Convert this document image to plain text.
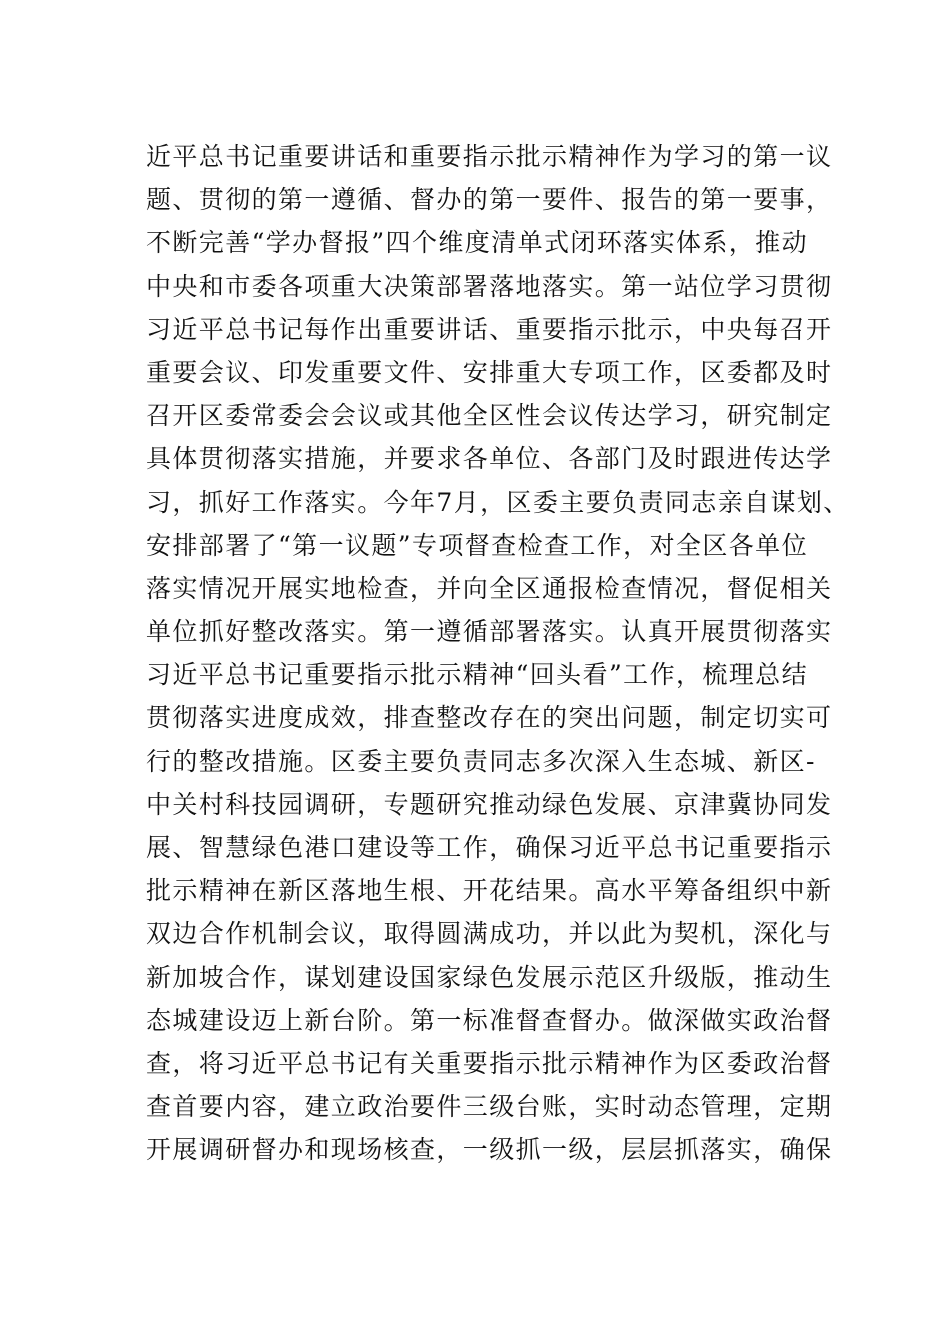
近平总书记重要讲话和重要指示批示精神作为学习的第一议
题、贯彻的第一遵循、督办的第一要件、报告的第一要事，
不断完善“学办督报”四个维度清单式闭环落实体系，推动
中央和市委各项重大决策部署落地落实。第一站位学习贯彻
习近平总书记每作出重要讲话、重要指示批示，中央每召开
重要会议、印发重要文件、安排重大专项工作，区委都及时
召开区委常委会会议或其他全区性会议传达学习，研究制定
具体贯彻落实措施，并要求各单位、各部门及时跟进传达学
习，抓好工作落实。今年7月，区委主要负责同志亲自谋划、
安排部署了“第一议题”专项督查检查工作，对全区各单位
落实情况开展实地检查，并向全区通报检查情况，督促相关
单位抓好整改落实。第一遵循部署落实。认真开展贯彻落实
习近平总书记重要指示批示精神“回头看”工作，梳理总结
贯彻落实进度成效，排查整改存在的突出问题，制定切实可
行的整改措施。区委主要负责同志多次深入生态城、新区-
中关村科技园调研，专题研究推动绿色发展、京津冀协同发
展、智慧绿色港口建设等工作，确保习近平总书记重要指示
批示精神在新区落地生根、开花结果。高水平筹备组织中新
双边合作机制会议，取得圆满成功，并以此为契机，深化与
新加坡合作，谋划建设国家绿色发展示范区升级版，推动生
态城建设迈上新台阶。第一标准督查督办。做深做实政治督
查，将习近平总书记有关重要指示批示精神作为区委政治督
查首要内容，建立政治要件三级台账，实时动态管理，定期
开展调研督办和现场核查，一级抓一级，层层抓落实，确保
